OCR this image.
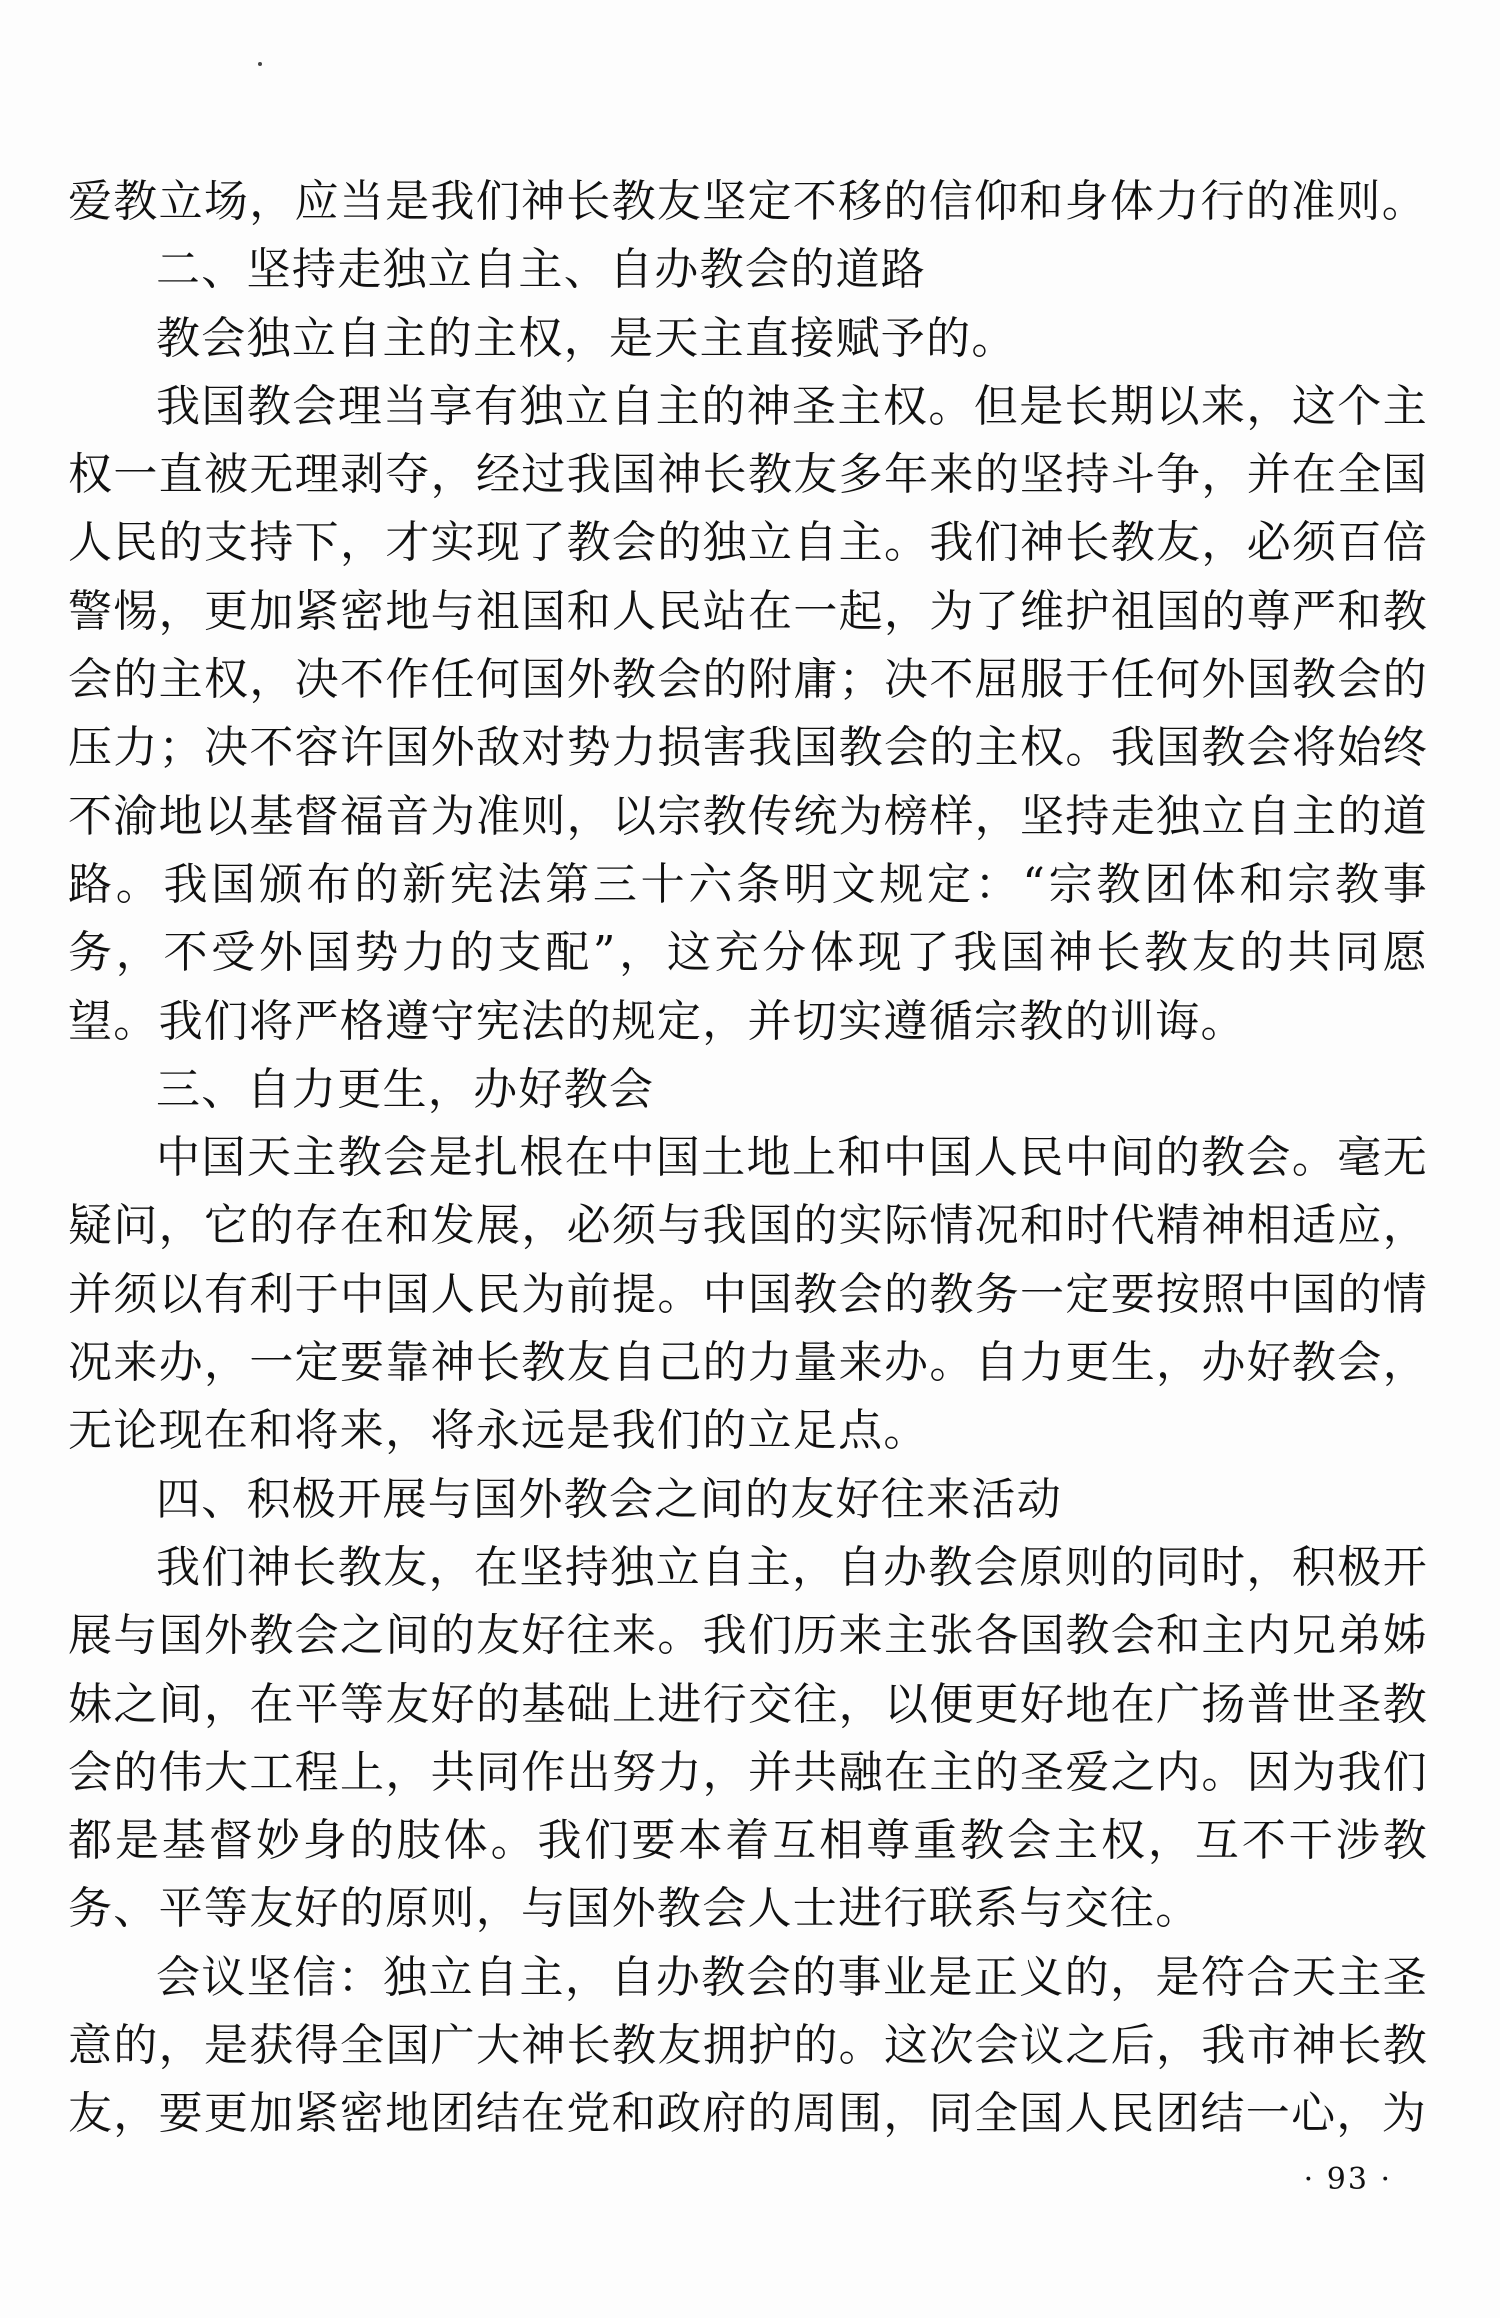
爱教立场，应当是我们神长教友坚定不移的信仰和身体力行的准则。

二、坚持走独立自主、自办教会的道路

教会独立自主的主权，是天主直接赋予的。

我国教会理当享有独立自主的神圣主权。但是长期以来，这个主权一直被无理剥夺，经过我国神长教友多年来的坚持斗争，并在全国人民的支持下，才实现了教会的独立自主。我们神长教友，必须百倍警惕，更加紧密地与祖国和人民站在一起，为了维护祖国的尊严和教会的主权，决不作任何国外教会的附庸；决不屈服于任何外国教会的压力；决不容许国外敌对势力损害我国教会的主权。我国教会将始终不渝地以基督福音为准则，以宗教传统为榜样，坚持走独立自主的道路。我国颁布的新宪法第三十六条明文规定：“宗教团体和宗教事务，不受外国势力的支配”，这充分体现了我国神长教友的共同愿望。我们将严格遵守宪法的规定，并切实遵循宗教的训诲。

三、自力更生，办好教会

中国天主教会是扎根在中国土地上和中国人民中间的教会。毫无疑问，它的存在和发展，必须与我国的实际情况和时代精神相适应，并须以有利于中国人民为前提。中国教会的教务一定要按照中国的情况来办，一定要靠神长教友自己的力量来办。自力更生，办好教会，无论现在和将来，将永远是我们的立足点。

四、积极开展与国外教会之间的友好往来活动

我们神长教友，在坚持独立自主，自办教会原则的同时，积极开展与国外教会之间的友好往来。我们历来主张各国教会和主内兄弟姊妹之间，在平等友好的基础上进行交往，以便更好地在广扬普世圣教会的伟大工程上，共同作出努力，并共融在主的圣爱之内。因为我们都是基督妙身的肢体。我们要本着互相尊重教会主权，互不干涉教务、平等友好的原则，与国外教会人士进行联系与交往。

会议坚信：独立自主，自办教会的事业是正义的，是符合天主圣意的，是获得全国广大神长教友拥护的。这次会议之后，我市神长教友，要更加紧密地团结在党和政府的周围，同全国人民团结一心，为

· 93 ·
